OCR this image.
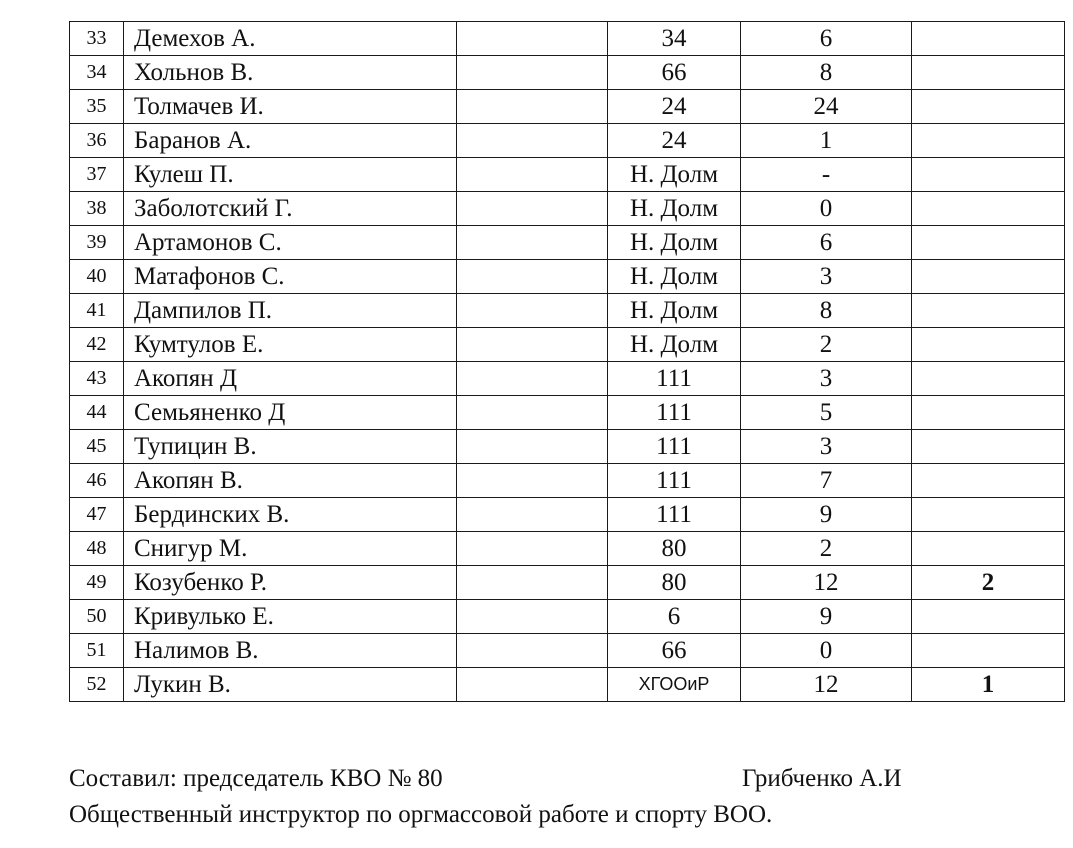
33	Демехов А.		34	6	
34	Хольнов В.		66	8	
35	Толмачев И.		24	24	
36	Баранов А.		24	1	
37	Кулеш П.		Н. Долм	-	
38	Заболотский Г.		Н. Долм	0	
39	Артамонов С.		Н. Долм	6	
40	Матафонов С.		Н. Долм	3	
41	Дампилов П.		Н. Долм	8	
42	Кумтулов Е.		Н. Долм	2	
43	Акопян Д		111	3	
44	Семьяненко Д		111	5	
45	Тупицин В.		111	3	
46	Акопян В.		111	7	
47	Бердинских В.		111	9	
48	Снигур М.		80	2	
49	Козубенко Р.		80	12	2
50	Кривулько Е.		6	9	
51	Налимов В.		66	0	
52	Лукин В.		ХГООиР	12	1
Составил: председатель КВО № 80	Грибченко А.И
Общественный инструктор по оргмассовой работе и спорту ВОО.
